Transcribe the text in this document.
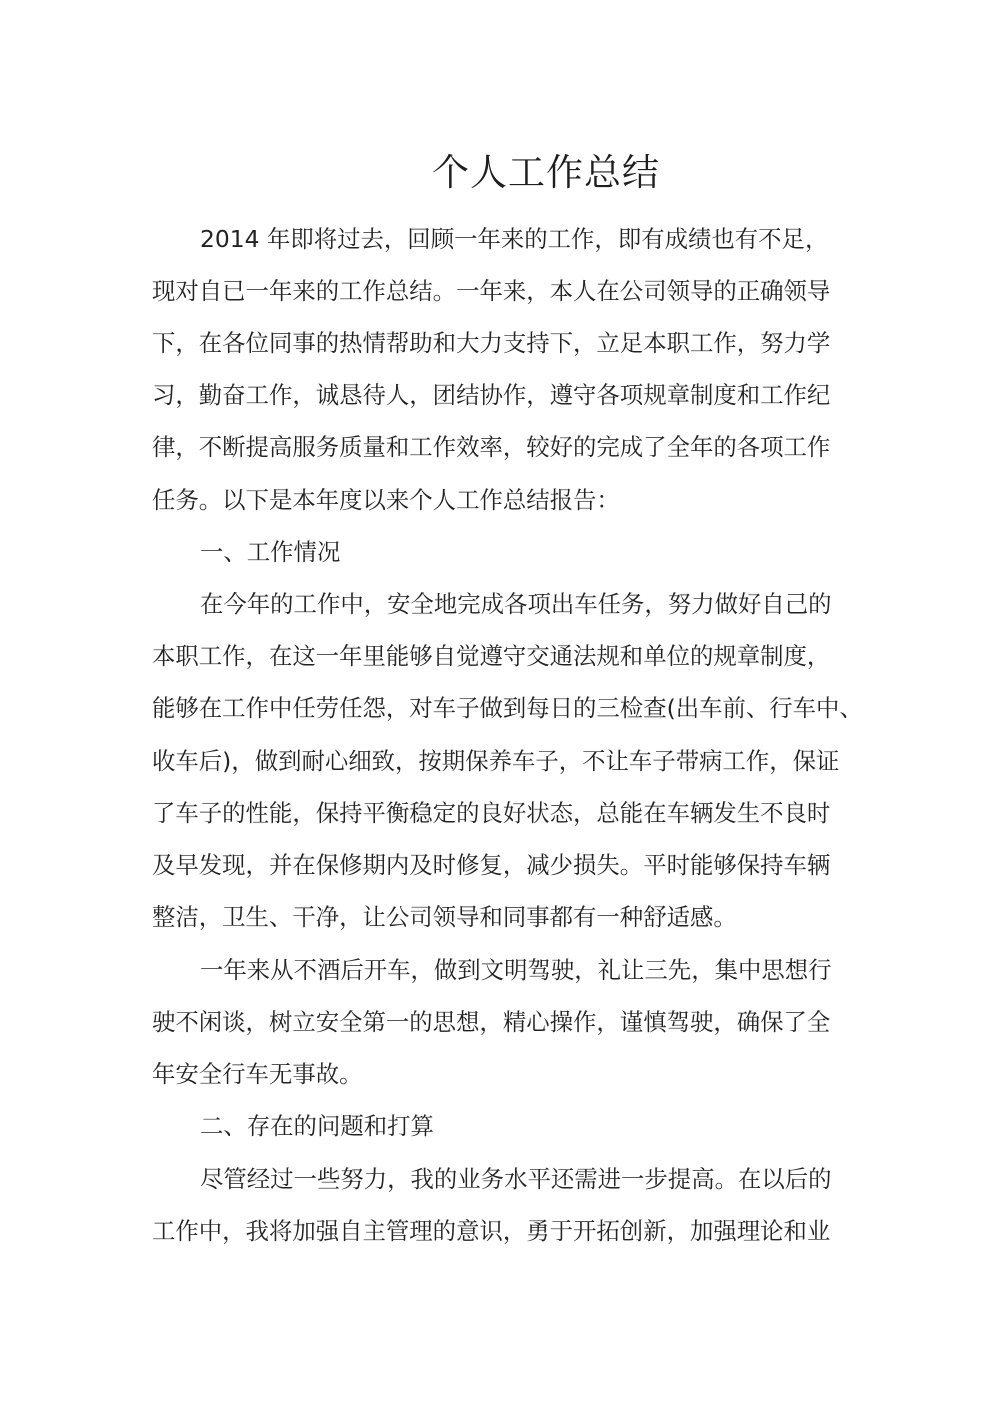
个人工作总结

2014 年即将过去，回顾一年来的工作，即有成绩也有不足，

现对自已一年来的工作总结。一年来，本人在公司领导的正确领导

下，在各位同事的热情帮助和大力支持下，立足本职工作，努力学

习，勤奋工作，诚恳待人，团结协作，遵守各项规章制度和工作纪

律，不断提高服务质量和工作效率，较好的完成了全年的各项工作

任务。以下是本年度以来个人工作总结报告：

一、工作情况

在今年的工作中，安全地完成各项出车任务，努力做好自己的

本职工作，在这一年里能够自觉遵守交通法规和单位的规章制度，

能够在工作中任劳任怨，对车子做到每日的三检查(出车前、行车中、

收车后)，做到耐心细致，按期保养车子，不让车子带病工作，保证

了车子的性能，保持平衡稳定的良好状态，总能在车辆发生不良时

及早发现，并在保修期内及时修复，减少损失。平时能够保持车辆

整洁，卫生、干净，让公司领导和同事都有一种舒适感。

一年来从不酒后开车，做到文明驾驶，礼让三先，集中思想行

驶不闲谈，树立安全第一的思想，精心操作，谨慎驾驶，确保了全

年安全行车无事故。

二、存在的问题和打算

尽管经过一些努力，我的业务水平还需进一步提高。在以后的

工作中，我将加强自主管理的意识，勇于开拓创新，加强理论和业
